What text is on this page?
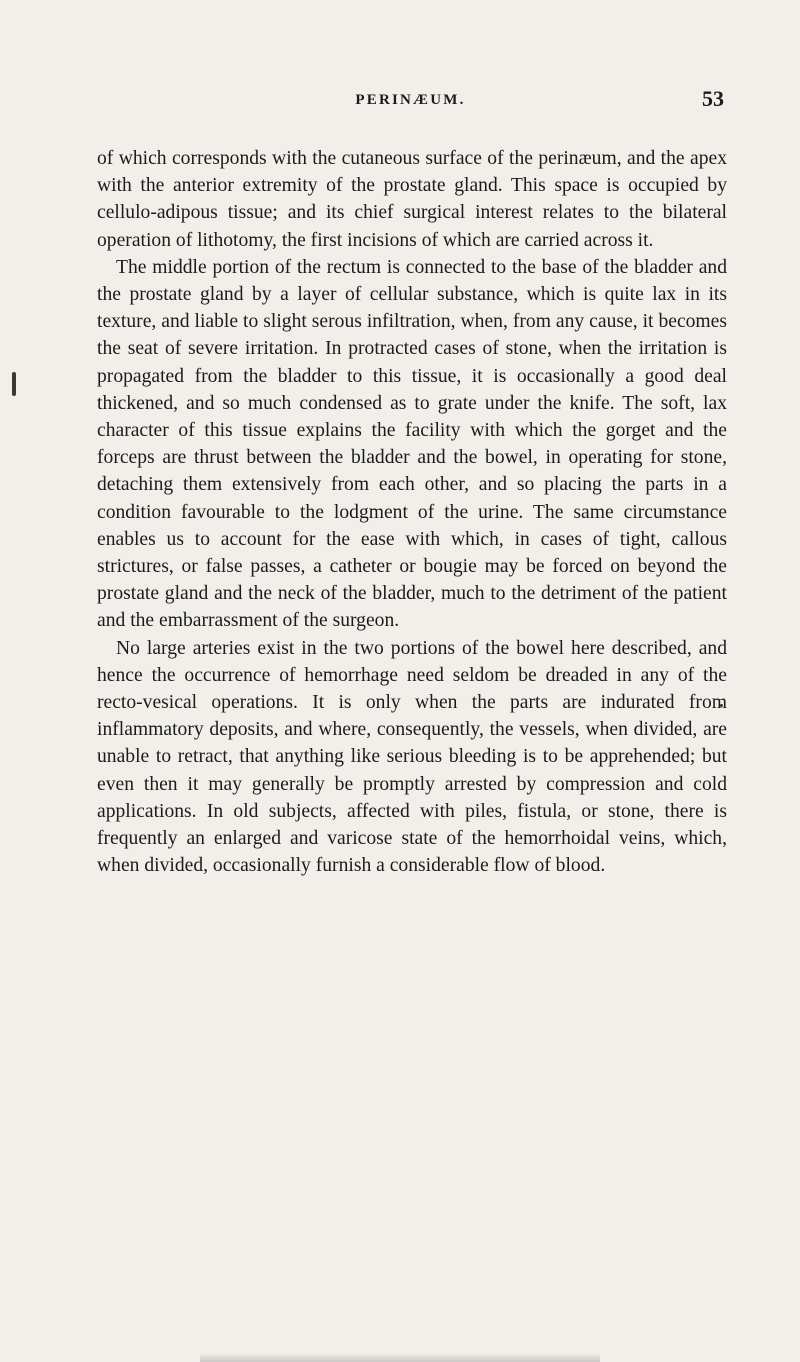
PERINÆUM.	53

of which corresponds with the cutaneous surface of the perinæum, and the apex with the anterior extremity of the prostate gland. This space is occupied by cellulo-adipous tissue; and its chief surgical interest relates to the bilateral operation of lithotomy, the first incisions of which are carried across it.

The middle portion of the rectum is connected to the base of the bladder and the prostate gland by a layer of cellular substance, which is quite lax in its texture, and liable to slight serous infiltration, when, from any cause, it becomes the seat of severe irritation. In protracted cases of stone, when the irritation is propagated from the bladder to this tissue, it is occasionally a good deal thickened, and so much condensed as to grate under the knife. The soft, lax character of this tissue explains the facility with which the gorget and the forceps are thrust between the bladder and the bowel, in operating for stone, detaching them extensively from each other, and so placing the parts in a condition favourable to the lodgment of the urine. The same circumstance enables us to account for the ease with which, in cases of tight, callous strictures, or false passes, a catheter or bougie may be forced on beyond the prostate gland and the neck of the bladder, much to the detriment of the patient and the embarrassment of the surgeon.

No large arteries exist in the two portions of the bowel here described, and hence the occurrence of hemorrhage need seldom be dreaded in any of the recto-vesical operations. It is only when the parts are indurated from inflammatory deposits, and where, consequently, the vessels, when divided, are unable to retract, that anything like serious bleeding is to be apprehended; but even then it may generally be promptly arrested by compression and cold applications. In old subjects, affected with piles, fistula, or stone, there is frequently an enlarged and varicose state of the hemorrhoidal veins, which, when divided, occasionally furnish a considerable flow of blood.
